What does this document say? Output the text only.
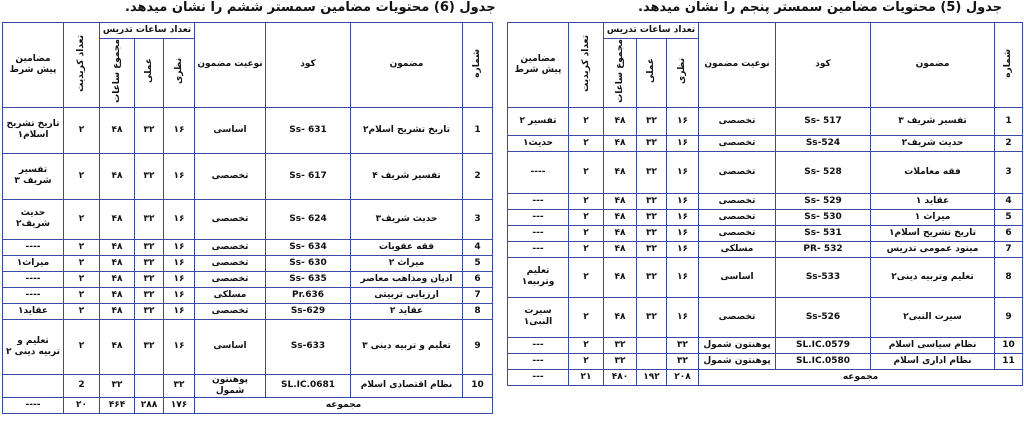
جدول (6) محتویات مضامین سمستر ششم را نشان میدهد.	جدول (5) محتویات مضامین سمستر پنجم را نشان میدهد.
شماره	مضمون	کود	نوعیت مضمون	تعداد ساعات تدریس			تعداد کریدیت	مضامین پیش شرط
				نظری	عملی	مجموع ساعات		
1	تاریخ تشریح اسلام۲	Ss- 631	اساسی	۱۶	۳۲	۴۸	۲	تاریخ تشریح اسلام۱
2	تفسیر شریف ۴	Ss- 617	تخصصی	۱۶	۳۲	۴۸	۲	تفسیر شریف ۳
3	حدیث شریف۳	Ss- 624	تخصصی	۱۶	۳۲	۴۸	۲	حدیث شریف۲
4	فقه عقوبات	Ss- 634	تخصصی	۱۶	۳۲	۴۸	۲	----
5	میراث ۲	Ss- 630	تخصصی	۱۶	۳۲	۴۸	۲	میراث۱
6	ادیان ومذاهب معاصر	Ss- 635	تخصصی	۱۶	۳۲	۴۸	۲	----
7	ارزیابی تربیتی	Pr.636	مسلکی	۱۶	۳۲	۴۸	۲	----
8	عقاید ۲	Ss-629	تخصصی	۱۶	۳۲	۴۸	۲	عقاید۱
9	تعلیم و تربیه دینی ۳	Ss-633	اساسی	۱۶	۳۲	۴۸	۲	تعلیم و تربیه دینی ۲
10	نظام اقتصادی اسلام	SL.IC.0681	پوهنتون شمول	۳۲		۳۲	2	
مجموعه				۱۷۶	۲۸۸	۴۶۴	۲۰	----
شماره	مضمون	کود	نوعیت مضمون	تعداد ساعات تدریس			تعداد کریدیت	مضامین پیش شرط
				نظری	عملی	مجموع ساعات		
1	تفسیر شریف ۳	Ss- 517	تخصصی	۱۶	۳۲	۴۸	۲	تفسیر ۲
2	حدیث شریف۲	Ss-524	تخصصی	۱۶	۳۲	۴۸	۲	حدیث۱
3	فقه معاملات	Ss- 528	تخصصی	۱۶	۳۲	۴۸	۲	----
4	عقاید ۱	Ss- 529	تخصصی	۱۶	۳۲	۴۸	۲	---
5	میراث ۱	Ss- 530	تخصصی	۱۶	۳۲	۴۸	۲	---
6	تاریخ تشریح اسلام۱	Ss- 531	تخصصی	۱۶	۳۲	۴۸	۲	---
7	میتود عمومی تدریس	PR- 532	مسلکی	۱۶	۳۲	۴۸	۲	---
8	تعلیم وتربیه دینی۲	Ss-533	اساسی	۱۶	۳۲	۴۸	۲	تعلیم وتربیه۱
9	سیرت النبی۲	Ss-526	تخصصی	۱۶	۳۲	۴۸	۲	سیرت النبی۱
10	نظام سیاسی اسلام	SL.IC.0579	پوهنتون شمول	۳۲		۳۲	۲	---
11	نظام اداری اسلام	SL.IC.0580	پوهنتون شمول	۳۲		۳۲	۲	---
مجموعه				۲۰۸	۱۹۲	۴۸۰	۲۱	---
